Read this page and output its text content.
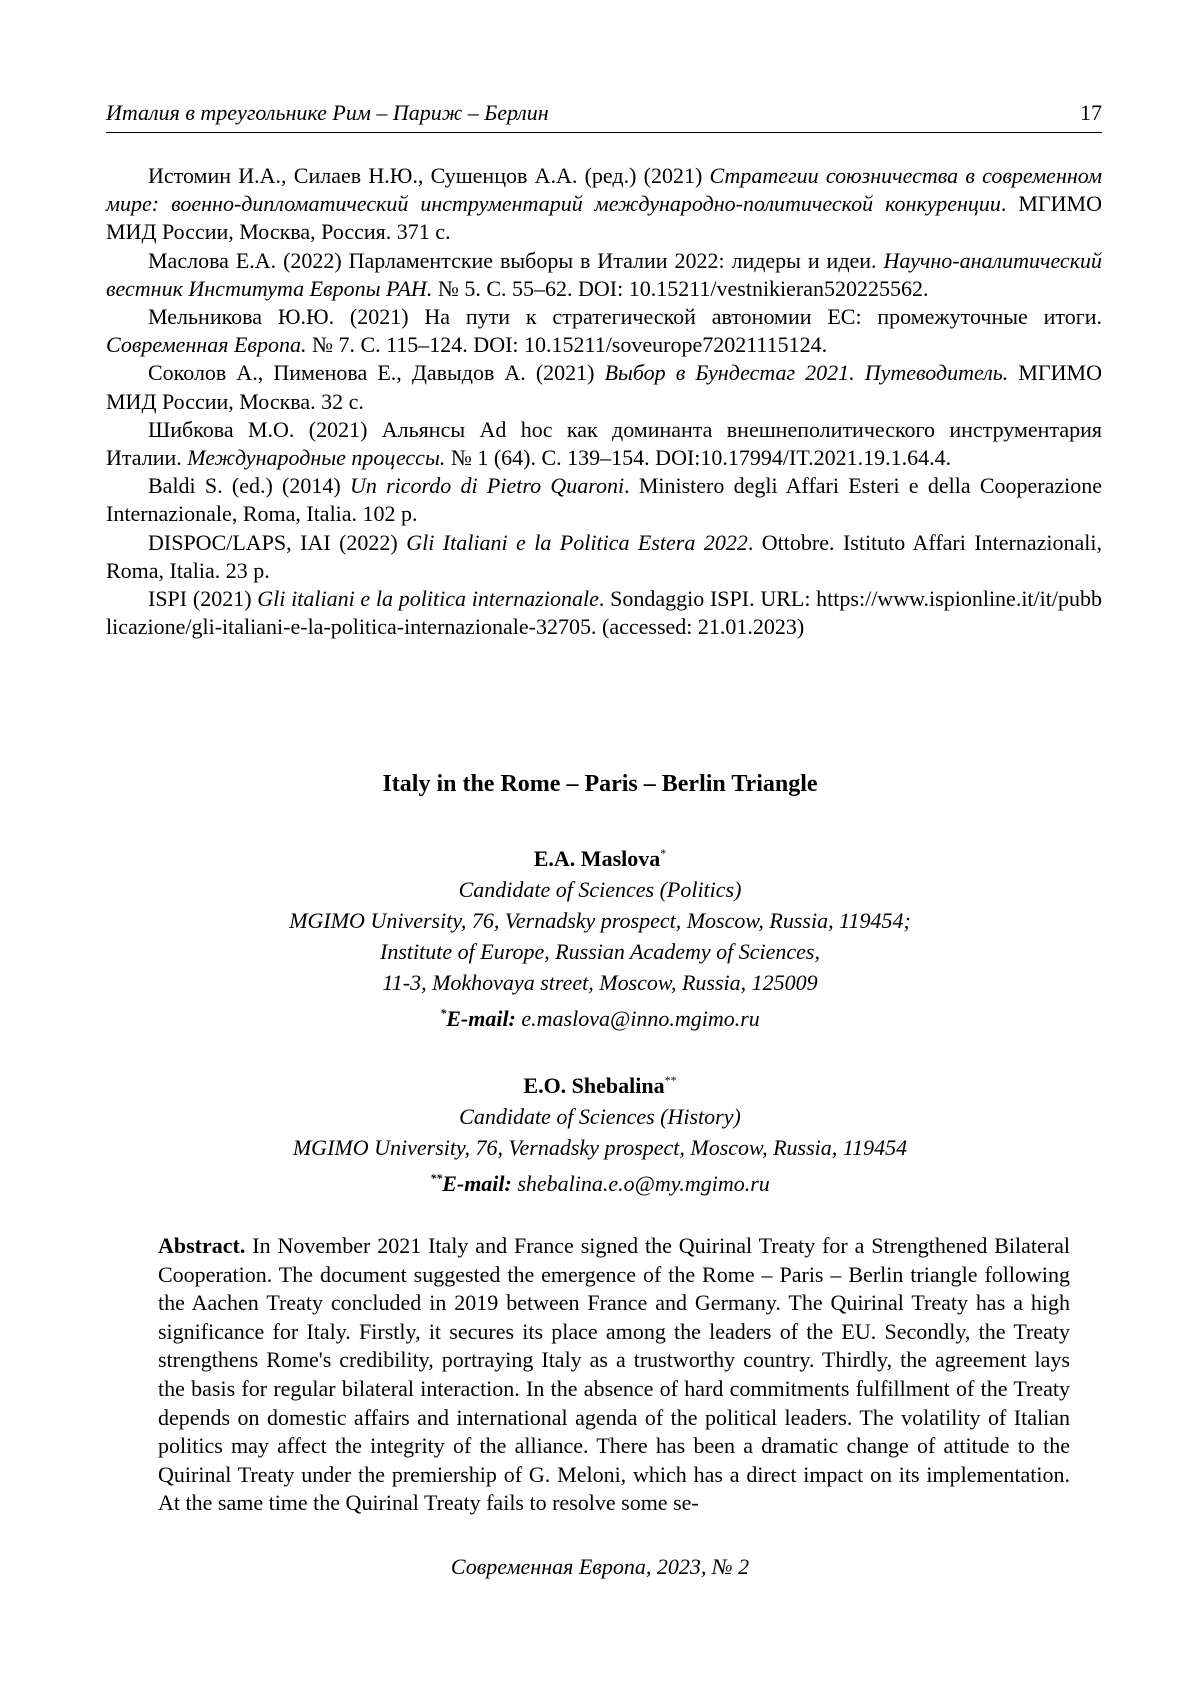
Италия в треугольнике Рим – Париж – Берлин	17

Истомин И.А., Силаев Н.Ю., Сушенцов А.А. (ред.) (2021) Стратегии союзничества в современном мире: военно-дипломатический инструментарий международно-политической конкуренции. МГИМО МИД России, Москва, Россия. 371 с.

Маслова Е.А. (2022) Парламентские выборы в Италии 2022: лидеры и идеи. Научно-аналитический вестник Института Европы РАН. № 5. С. 55–62. DOI: 10.15211/vestnikieran520225562.

Мельникова Ю.Ю. (2021) На пути к стратегической автономии ЕС: промежуточные итоги. Современная Европа. № 7. С. 115–124. DOI: 10.15211/soveurope72021115124.

Соколов А., Пименова Е., Давыдов А. (2021) Выбор в Бундестаг 2021. Путеводитель. МГИМО МИД России, Москва. 32 с.

Шибкова М.О. (2021) Альянсы Ad hoc как доминанта внешнеполитического инструментария Италии. Международные процессы. № 1 (64). С. 139–154. DOI:10.17994/IT.2021.19.1.64.4.

Baldi S. (ed.) (2014) Un ricordo di Pietro Quaroni. Ministero degli Affari Esteri e della Cooperazione Internazionale, Roma, Italia. 102 p.

DISPOC/LAPS, IAI (2022) Gli Italiani e la Politica Estera 2022. Ottobre. Istituto Affari Internazionali, Roma, Italia. 23 p.

ISPI (2021) Gli italiani e la politica internazionale. Sondaggio ISPI. URL: https://www.ispionline.it/it/pubblicazione/gli-italiani-e-la-politica-internazionale-32705. (accessed: 21.01.2023)

Italy in the Rome – Paris – Berlin Triangle
E.A. Maslova*
Candidate of Sciences (Politics)
MGIMO University, 76, Vernadsky prospect, Moscow, Russia, 119454;
Institute of Europe, Russian Academy of Sciences,
11-3, Mokhovaya street, Moscow, Russia, 125009
*E-mail: e.maslova@inno.mgimo.ru
E.O. Shebalina**
Candidate of Sciences (History)
MGIMO University, 76, Vernadsky prospect, Moscow, Russia, 119454
**E-mail: shebalina.e.o@my.mgimo.ru

Abstract. In November 2021 Italy and France signed the Quirinal Treaty for a Strengthened Bilateral Cooperation. The document suggested the emergence of the Rome – Paris – Berlin triangle following the Aachen Treaty concluded in 2019 between France and Germany. The Quirinal Treaty has a high significance for Italy. Firstly, it secures its place among the leaders of the EU. Secondly, the Treaty strengthens Rome's credibility, portraying Italy as a trustworthy country. Thirdly, the agreement lays the basis for regular bilateral interaction. In the absence of hard commitments fulfillment of the Treaty depends on domestic affairs and international agenda of the political leaders. The volatility of Italian politics may affect the integrity of the alliance. There has been a dramatic change of attitude to the Quirinal Treaty under the premiership of G. Meloni, which has a direct impact on its implementation. At the same time the Quirinal Treaty fails to resolve some se-

Современная Европа, 2023, № 2
